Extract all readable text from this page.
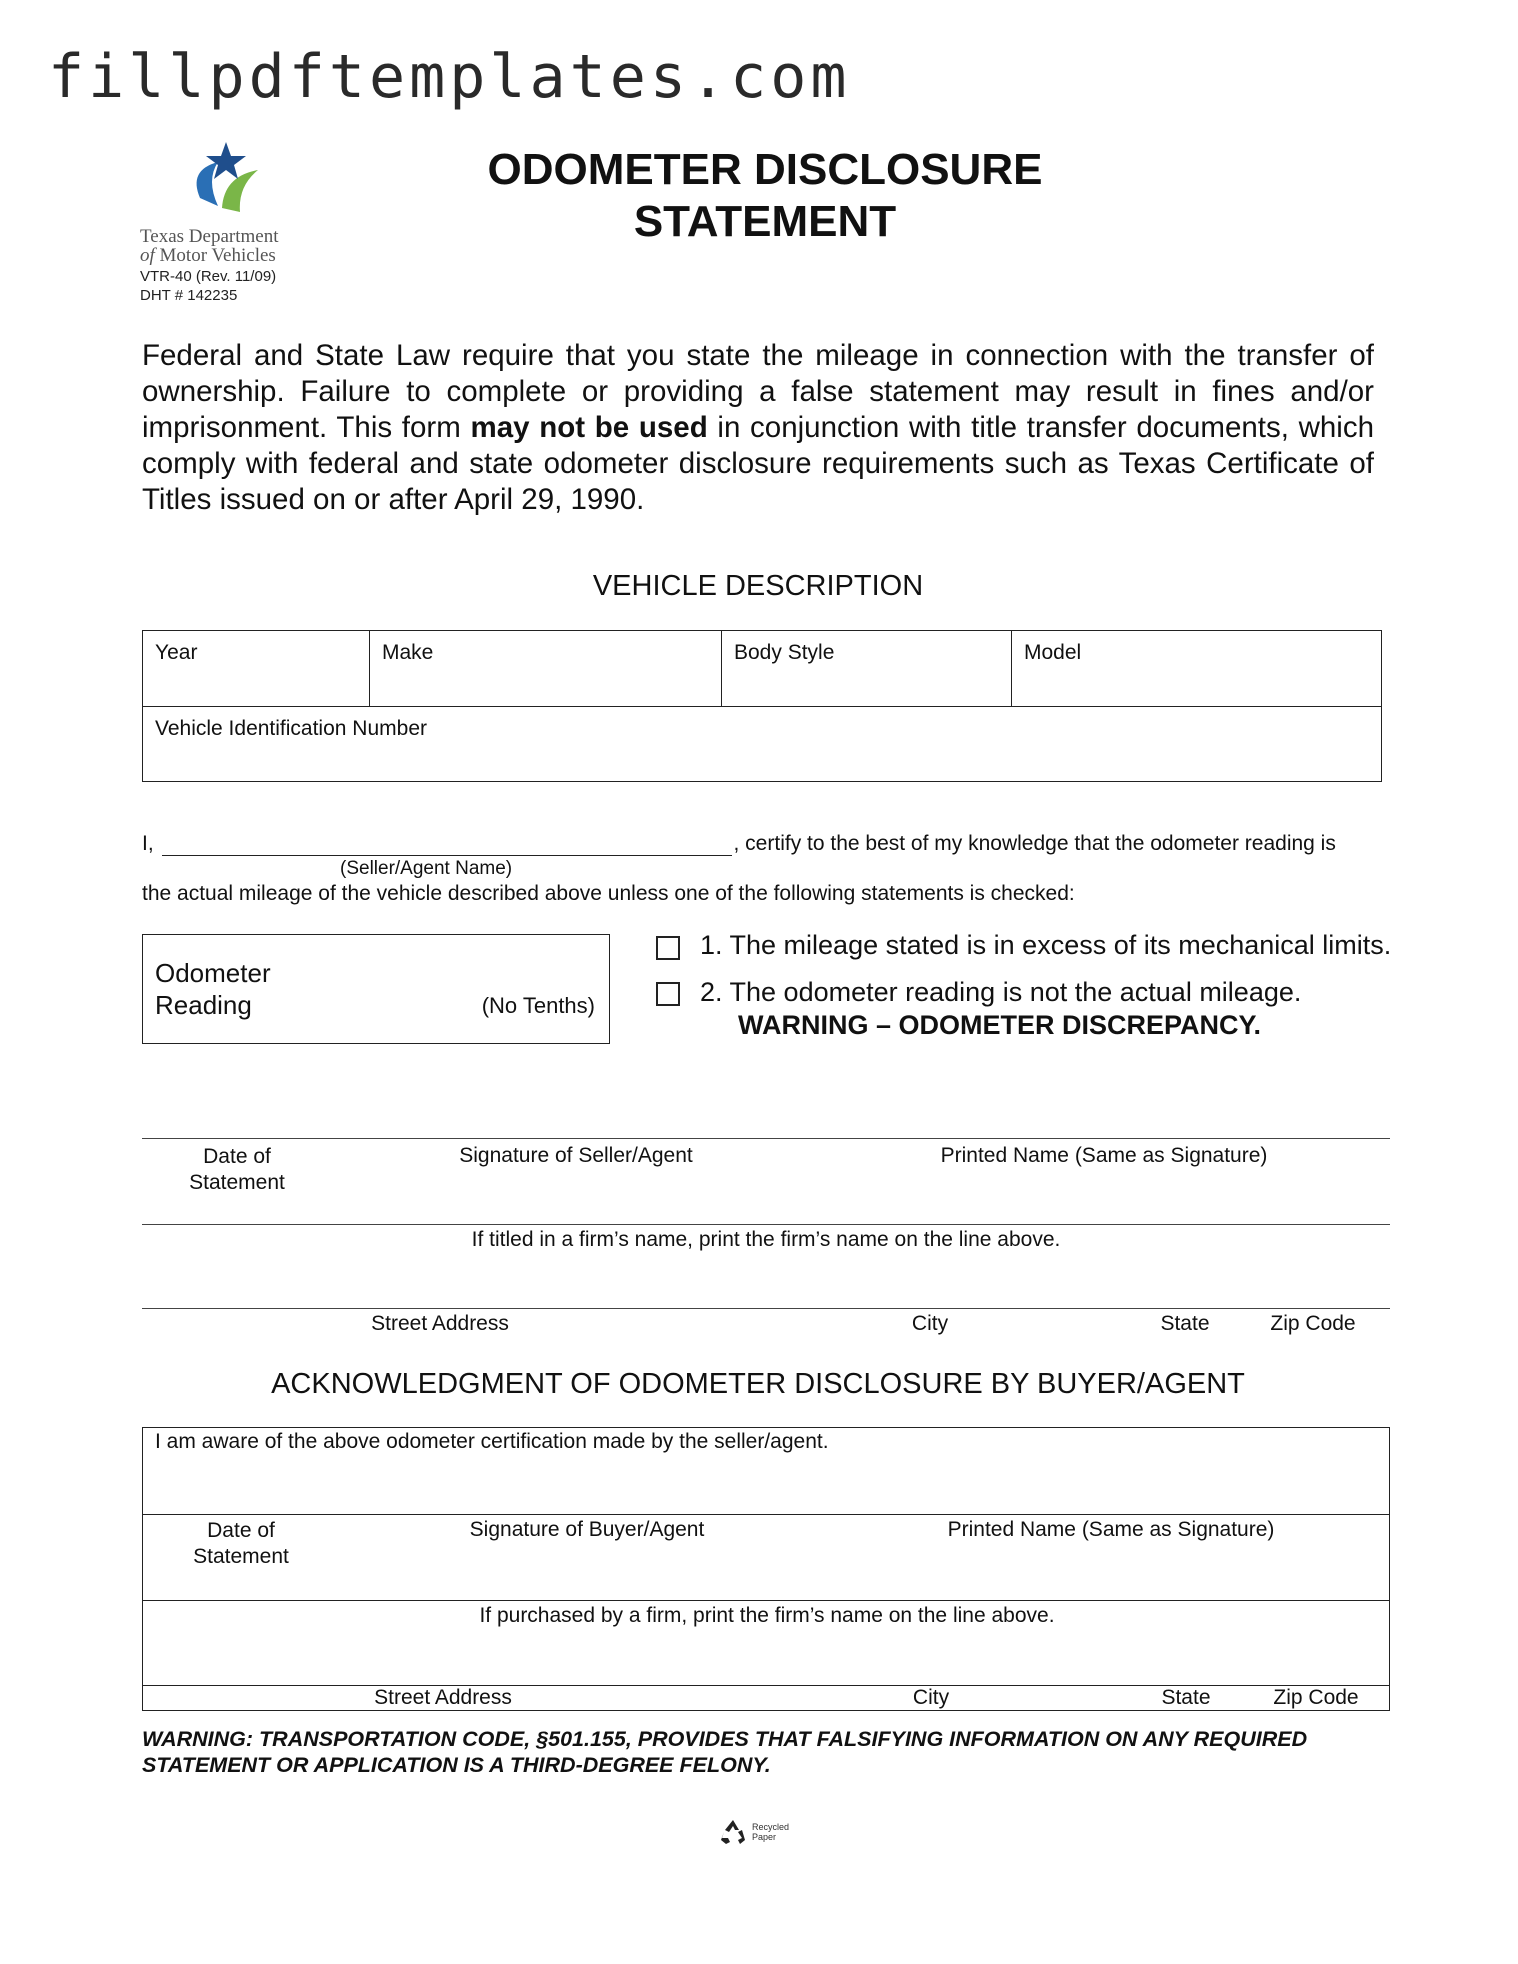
fillpdftemplates.com
Texas Department
of Motor Vehicles
VTR-40 (Rev. 11/09)
DHT # 142235
ODOMETER DISCLOSURE
STATEMENT
Federal and State Law require that you state the mileage in connection with the transfer of ownership. Failure to complete or providing a false statement may result in fines and/or imprisonment. This form may not be used in conjunction with title transfer documents, which comply with federal and state odometer disclosure requirements such as Texas Certificate of Titles issued on or after April 29, 1990.
VEHICLE DESCRIPTION
Year	Make	Body Style	Model
Vehicle Identification Number
I,	, certify to the best of my knowledge that the odometer reading is
(Seller/Agent Name)
the actual mileage of the vehicle described above unless one of the following statements is checked:
Odometer
Reading	(No Tenths)
1. The mileage stated is in excess of its mechanical limits.
2. The odometer reading is not the actual mileage.
WARNING – ODOMETER DISCREPANCY.
Date of
Statement
Signature of Seller/Agent	Printed Name (Same as Signature)
If titled in a firm’s name, print the firm’s name on the line above.
Street Address	City	State	Zip Code
ACKNOWLEDGMENT OF ODOMETER DISCLOSURE BY BUYER/AGENT
I am aware of the above odometer certification made by the seller/agent.
Date of
Statement
Signature of Buyer/Agent	Printed Name (Same as Signature)
If purchased by a firm, print the firm’s name on the line above.
Street Address	City	State	Zip Code
WARNING: TRANSPORTATION CODE, §501.155, PROVIDES THAT FALSIFYING INFORMATION ON ANY REQUIRED
STATEMENT OR APPLICATION IS A THIRD-DEGREE FELONY.
Recycled
Paper
